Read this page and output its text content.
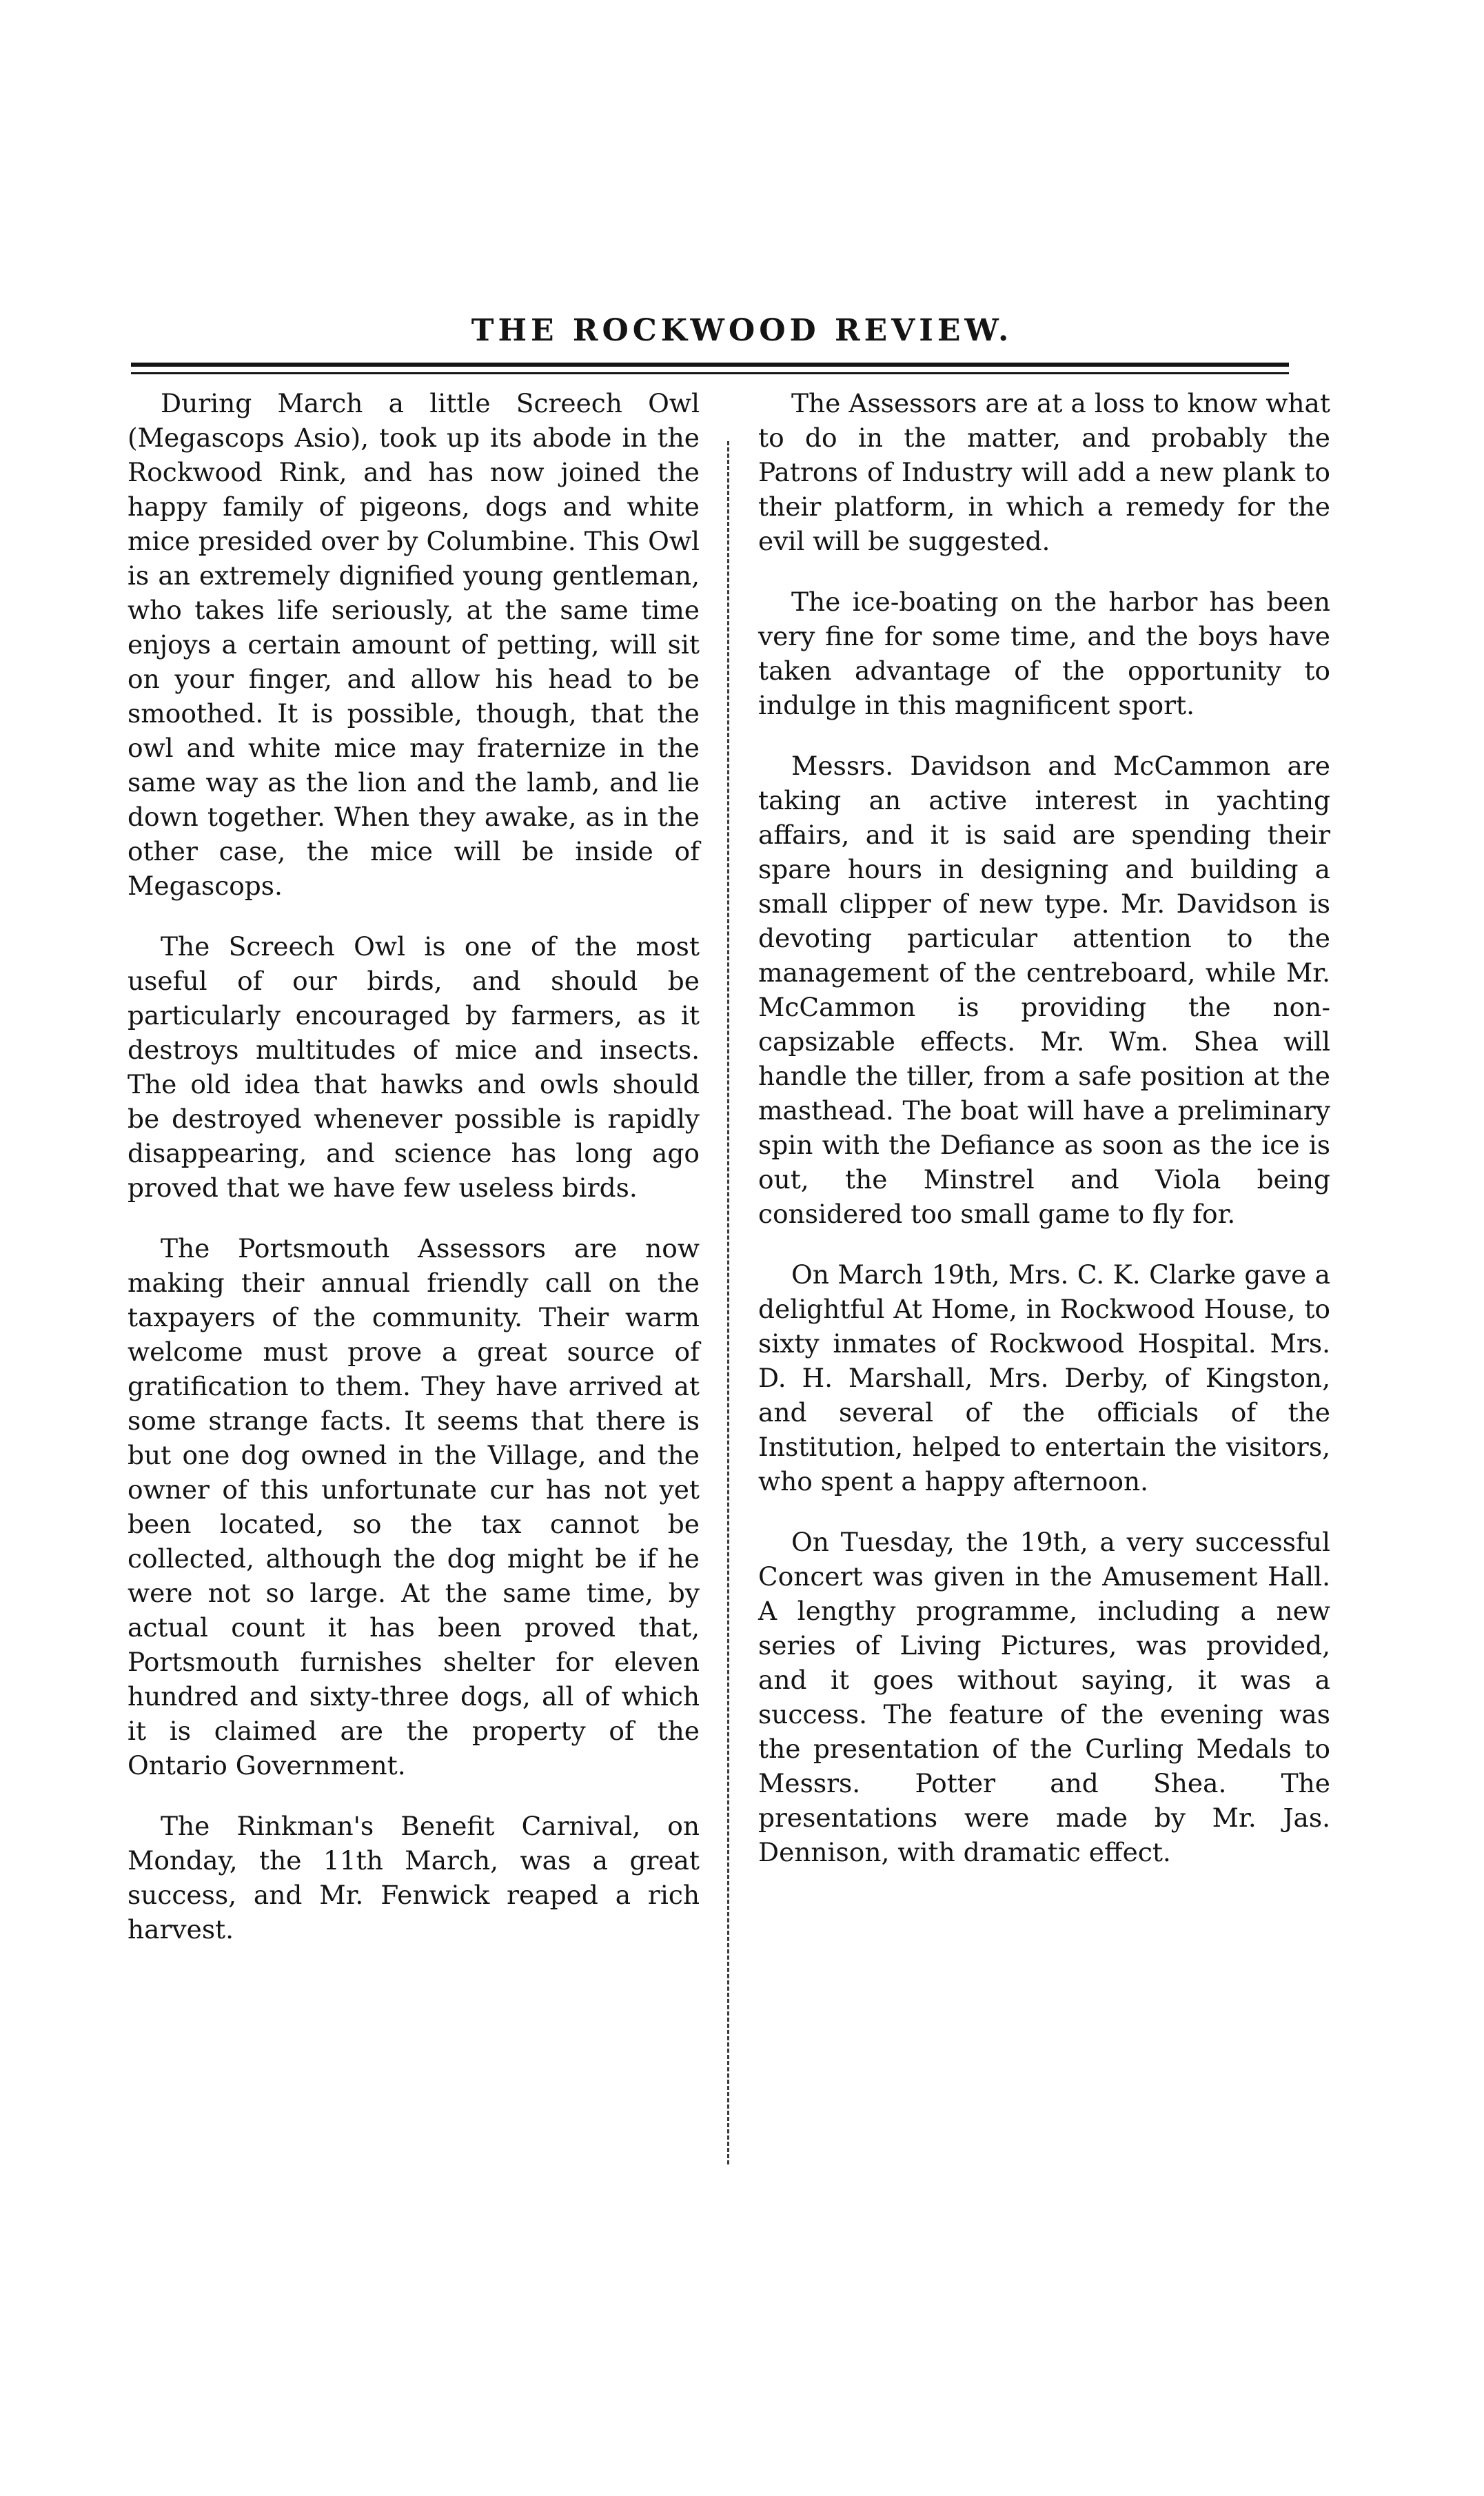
THE ROCKWOOD REVIEW.

During March a little Screech Owl (Megascops Asio), took up its abode in the Rockwood Rink, and has now joined the happy family of pigeons, dogs and white mice presided over by Columbine. This Owl is an extremely dignified young gentleman, who takes life seriously, at the same time enjoys a certain amount of petting, will sit on your finger, and allow his head to be smoothed. It is possible, though, that the owl and white mice may fraternize in the same way as the lion and the lamb, and lie down together. When they awake, as in the other case, the mice will be inside of Megascops.

The Screech Owl is one of the most useful of our birds, and should be particularly encouraged by farmers, as it destroys multitudes of mice and insects. The old idea that hawks and owls should be destroyed whenever possible is rapidly disappearing, and science has long ago proved that we have few useless birds.

The Portsmouth Assessors are now making their annual friendly call on the taxpayers of the community. Their warm welcome must prove a great source of gratification to them. They have arrived at some strange facts. It seems that there is but one dog owned in the Village, and the owner of this unfortunate cur has not yet been located, so the tax cannot be collected, although the dog might be if he were not so large. At the same time, by actual count it has been proved that, Portsmouth furnishes shelter for eleven hundred and sixty-three dogs, all of which it is claimed are the property of the Ontario Government.

The Rinkman's Benefit Carnival, on Monday, the 11th March, was a great success, and Mr. Fenwick reaped a rich harvest.

The Assessors are at a loss to know what to do in the matter, and probably the Patrons of Industry will add a new plank to their platform, in which a remedy for the evil will be suggested.

The ice-boating on the harbor has been very fine for some time, and the boys have taken advantage of the opportunity to indulge in this magnificent sport.

Messrs. Davidson and McCammon are taking an active interest in yachting affairs, and it is said are spending their spare hours in designing and building a small clipper of new type. Mr. Davidson is devoting particular attention to the management of the centreboard, while Mr. McCammon is providing the non-capsizable effects. Mr. Wm. Shea will handle the tiller, from a safe position at the masthead. The boat will have a preliminary spin with the Defiance as soon as the ice is out, the Minstrel and Viola being considered too small game to fly for.

On March 19th, Mrs. C. K. Clarke gave a delightful At Home, in Rockwood House, to sixty inmates of Rockwood Hospital. Mrs. D. H. Marshall, Mrs. Derby, of Kingston, and several of the officials of the Institution, helped to entertain the visitors, who spent a happy afternoon.

On Tuesday, the 19th, a very successful Concert was given in the Amusement Hall. A lengthy programme, including a new series of Living Pictures, was provided, and it goes without saying, it was a success. The feature of the evening was the presentation of the Curling Medals to Messrs. Potter and Shea. The presentations were made by Mr. Jas. Dennison, with dramatic effect.
